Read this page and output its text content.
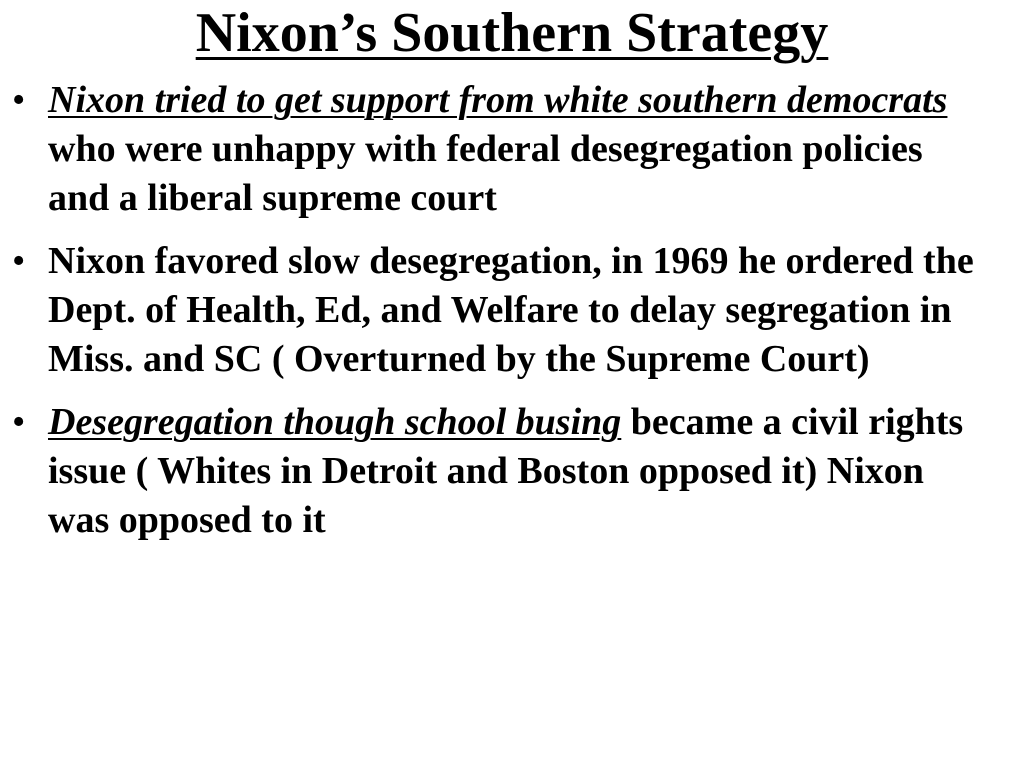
Nixon’s Southern Strategy
• Nixon tried to get support from white southern democrats who were unhappy with federal desegregation policies and a liberal supreme court
• Nixon favored slow desegregation, in 1969 he ordered the Dept. of Health, Ed, and Welfare to delay segregation in Miss. and SC ( Overturned by the Supreme Court)
• Desegregation though school busing became a civil rights issue ( Whites in Detroit and Boston opposed it) Nixon was opposed to it
